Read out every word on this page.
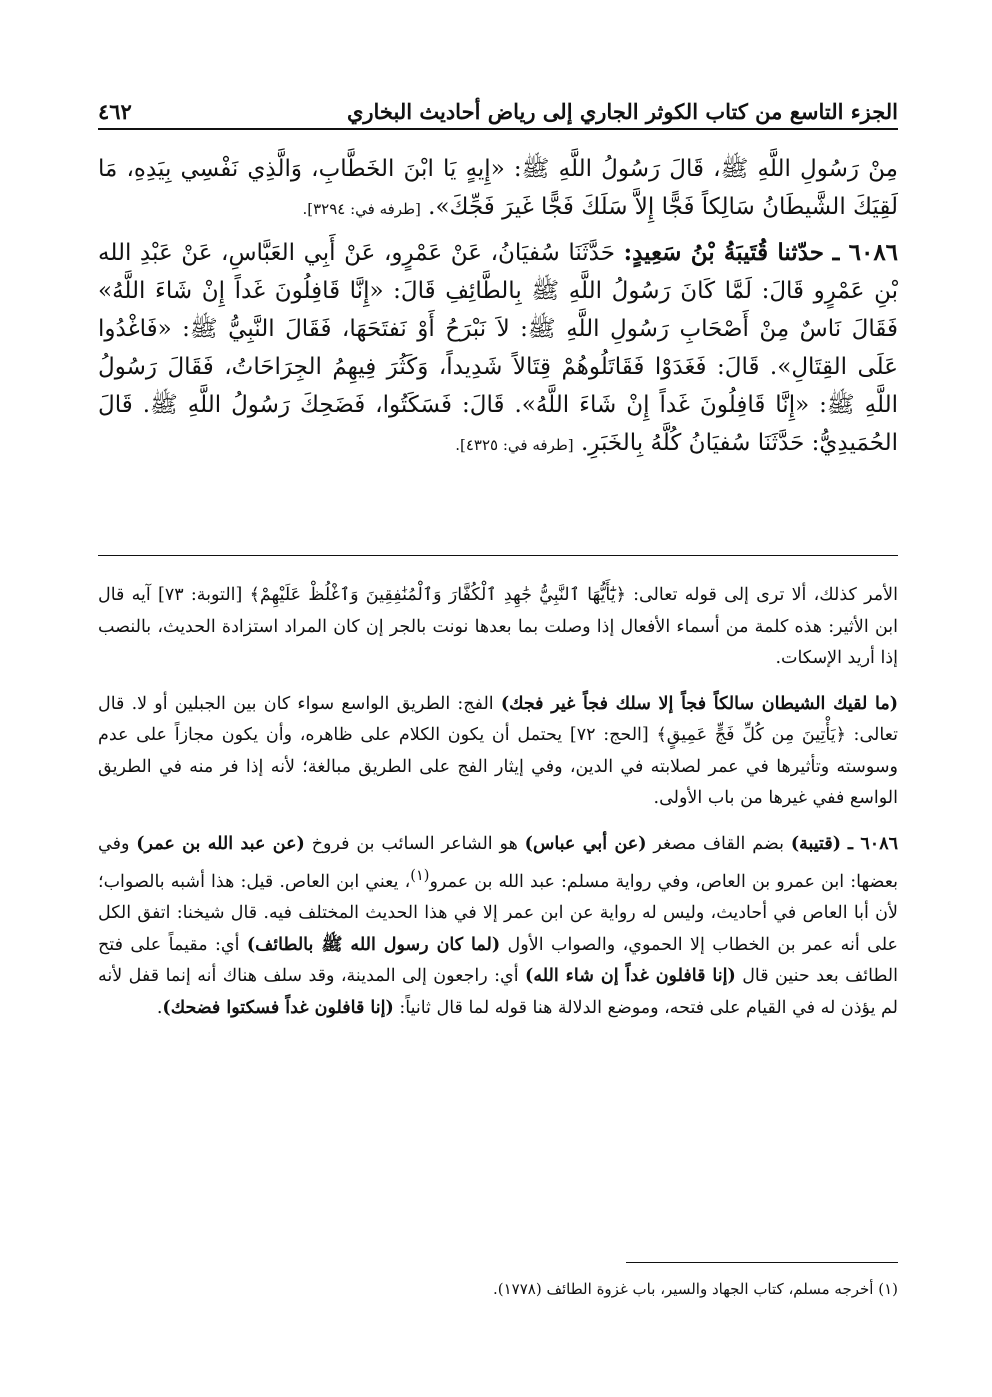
الجزء التاسع من كتاب الكوثر الجاري إلى رياض أحاديث البخاري
٤٦٢

مِنْ رَسُولِ اللَّهِ ﷺ، قَالَ رَسُولُ اللَّهِ ﷺ: «إِيهٍ يَا ابْنَ الخَطَّابِ، وَالَّذِي نَفْسِي بِيَدِهِ، مَا لَقِيَكَ الشَّيطَانُ سَالِكاً فَجًّا إِلاَّ سَلَكَ فَجًّا غَيرَ فَجِّكَ». [طرفه في: ٣٢٩٤].

٦٠٨٦ ـ حدّثنا قُتَيبَةُ بْنُ سَعِيدٍ: حَدَّثَنَا سُفيَانُ، عَنْ عَمْرٍو، عَنْ أَبِي العَبَّاسِ، عَنْ عَبْدِ الله بْنِ عَمْرٍو قَالَ: لَمَّا كَانَ رَسُولُ اللَّهِ ﷺ بِالطَّائِفِ قَالَ: «إِنَّا قَافِلُونَ غَداً إِنْ شَاءَ اللَّهُ» فَقَالَ نَاسٌ مِنْ أَصْحَابِ رَسُولِ اللَّهِ ﷺ: لاَ نَبْرَحُ أَوْ نَفتَحَهَا، فَقَالَ النَّبِيُّ ﷺ: «فَاغْدُوا عَلَى القِتَالِ». قَالَ: فَغَدَوْا فَقَاتَلُوهُمْ قِتَالاً شَدِيداً، وَكَثُرَ فِيهِمُ الجِرَاحَاتُ، فَقَالَ رَسُولُ اللَّهِ ﷺ: «إِنَّا قَافِلُونَ غَداً إِنْ شَاءَ اللَّهُ». قَالَ: فَسَكَتُوا، فَضَحِكَ رَسُولُ اللَّهِ ﷺ. قَالَ الحُمَيدِيُّ: حَدَّثَنَا سُفيَانُ كُلَّهُ بِالخَبَرِ. [طرفه في: ٤٣٢٥].

الأمر كذلك، ألا ترى إلى قوله تعالى: ﴿يَٰٓأَيُّهَا ٱلنَّبِيُّ جَٰهِدِ ٱلْكُفَّارَ وَٱلْمُنَٰفِقِينَ وَٱغْلُظْ عَلَيْهِمْ﴾ [التوبة: ٧٣] آيه قال ابن الأثير: هذه كلمة من أسماء الأفعال إذا وصلت بما بعدها نونت بالجر إن كان المراد استزادة الحديث، بالنصب إذا أريد الإسكات.

(ما لقيك الشيطان سالكاً فجاً إلا سلك فجاً غير فجك) الفج: الطريق الواسع سواء كان بين الجبلين أو لا. قال تعالى: ﴿يَأْتِينَ مِن كُلِّ فَجٍّ عَمِيقٍ﴾ [الحج: ٧٢] يحتمل أن يكون الكلام على ظاهره، وأن يكون مجازاً على عدم وسوسته وتأثيرها في عمر لصلابته في الدين، وفي إيثار الفج على الطريق مبالغة؛ لأنه إذا فر منه في الطريق الواسع ففي غيرها من باب الأولى.

٦٠٨٦ ـ (قتيبة) بضم القاف مصغر (عن أبي عباس) هو الشاعر السائب بن فروخ (عن عبد الله بن عمر) وفي بعضها: ابن عمرو بن العاص، وفي رواية مسلم: عبد الله بن عمرو$^{(١)}$، يعني ابن العاص. قيل: هذا أشبه بالصواب؛ لأن أبا العاص في أحاديث، وليس له رواية عن ابن عمر إلا في هذا الحديث المختلف فيه. قال شيخنا: اتفق الكل على أنه عمر بن الخطاب إلا الحموي، والصواب الأول (لما كان رسول الله ﷺ بالطائف) أي: مقيماً على فتح الطائف بعد حنين قال (إنا قافلون غداً إن شاء الله) أي: راجعون إلى المدينة، وقد سلف هناك أنه إنما قفل لأنه لم يؤذن له في القيام على فتحه، وموضع الدلالة هنا قوله لما قال ثانياً: (إنا قافلون غداً فسكتوا فضحك).

(١) أخرجه مسلم، كتاب الجهاد والسير، باب غزوة الطائف (١٧٧٨).
